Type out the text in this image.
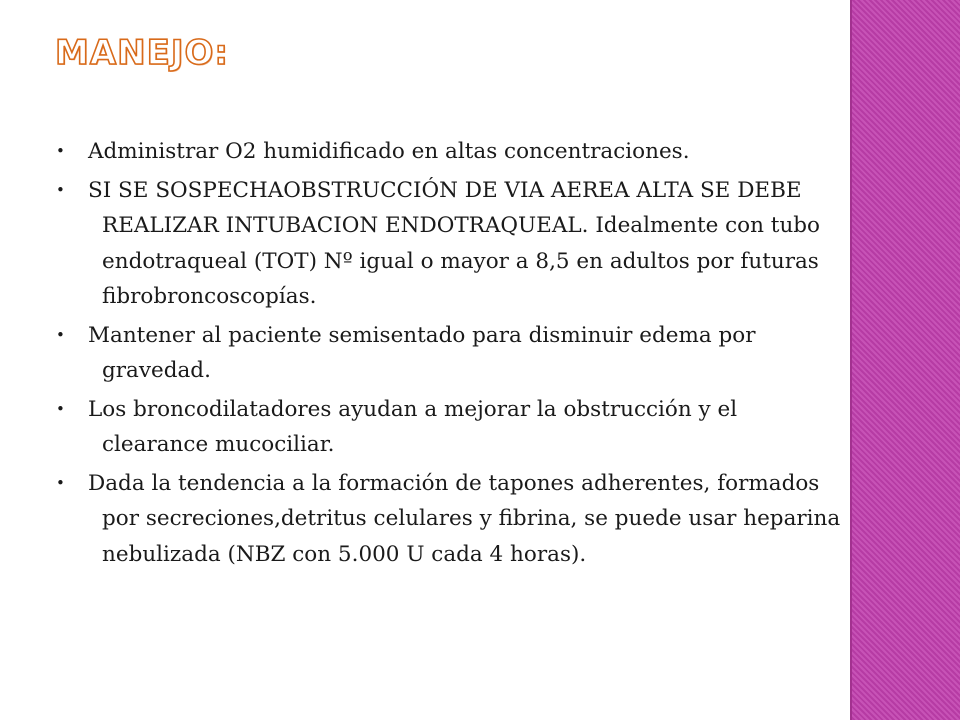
MANEJO:
•	Administrar O2 humidificado en altas concentraciones.
•	SI SE SOSPECHAOBSTRUCCIÓN DE VIA AEREA ALTA SE DEBE REALIZAR INTUBACION ENDOTRAQUEAL. Idealmente con tubo endotraqueal (TOT) Nº igual o mayor a 8,5 en adultos por futuras fibrobroncoscopías.
•	Mantener al paciente semisentado para disminuir edema por gravedad.
•	Los broncodilatadores ayudan a mejorar la obstrucción y el clearance mucociliar.
•	Dada la tendencia a la formación de tapones adherentes, formados por secreciones,detritus celulares y fibrina, se puede usar heparina nebulizada (NBZ con 5.000 U cada 4 horas).
